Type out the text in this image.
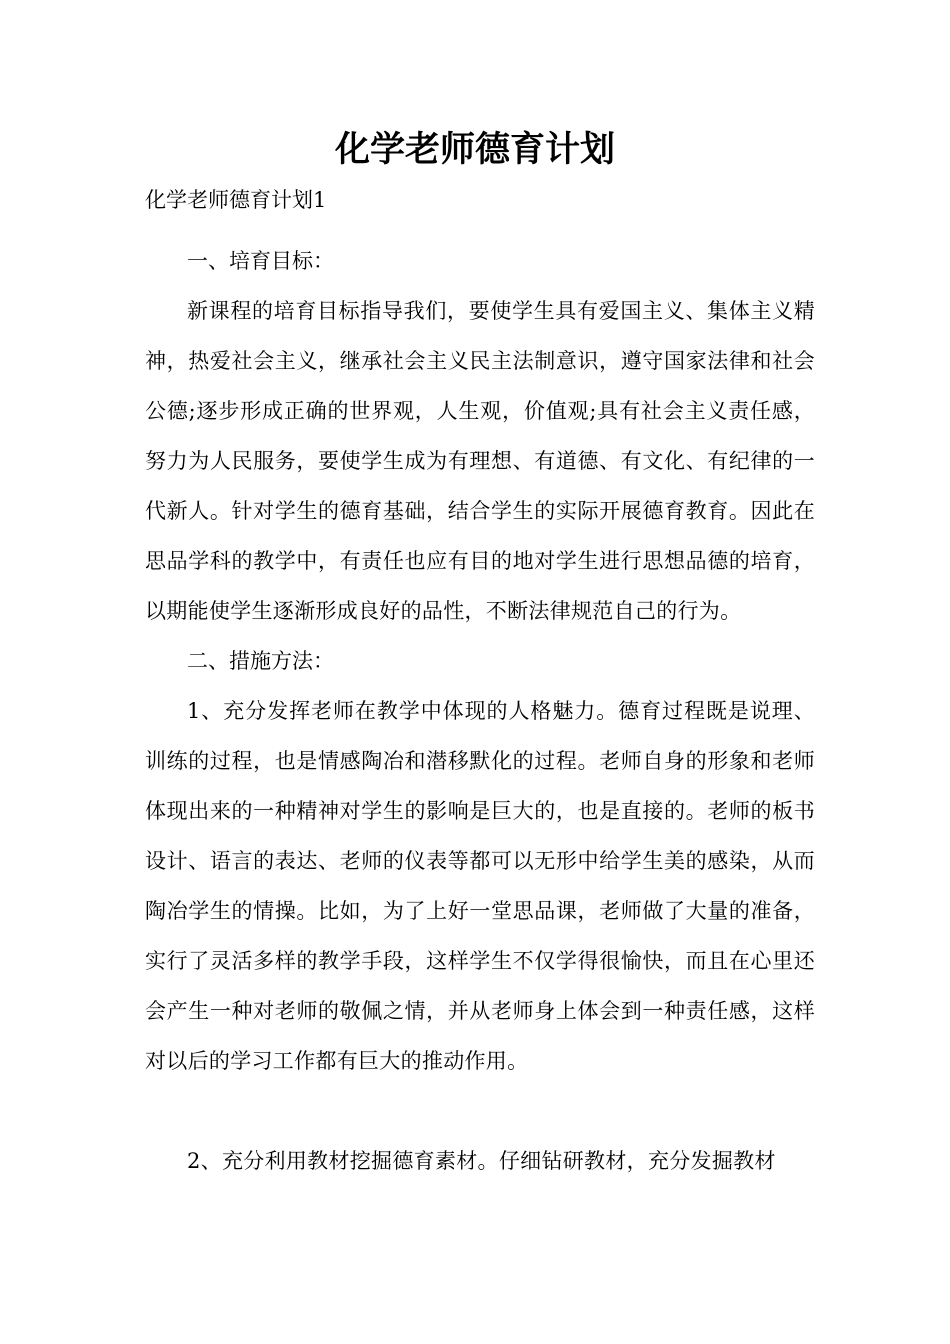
化学老师德育计划

化学老师德育计划1

一、培育目标：

新课程的培育目标指导我们，要使学生具有爱国主义、集体主义精神，热爱社会主义，继承社会主义民主法制意识，遵守国家法律和社会公德;逐步形成正确的世界观，人生观，价值观;具有社会主义责任感，努力为人民服务，要使学生成为有理想、有道德、有文化、有纪律的一代新人。针对学生的德育基础，结合学生的实际开展德育教育。因此在思品学科的教学中，有责任也应有目的地对学生进行思想品德的培育，以期能使学生逐渐形成良好的品性，不断法律规范自己的行为。

二、措施方法：

1、充分发挥老师在教学中体现的人格魅力。德育过程既是说理、训练的过程，也是情感陶冶和潜移默化的过程。老师自身的形象和老师体现出来的一种精神对学生的影响是巨大的，也是直接的。老师的板书设计、语言的表达、老师的仪表等都可以无形中给学生美的感染，从而陶冶学生的情操。比如，为了上好一堂思品课，老师做了大量的准备，实行了灵活多样的教学手段，这样学生不仅学得很愉快，而且在心里还会产生一种对老师的敬佩之情，并从老师身上体会到一种责任感，这样对以后的学习工作都有巨大的推动作用。

2、充分利用教材挖掘德育素材。仔细钻研教材，充分发掘教材
